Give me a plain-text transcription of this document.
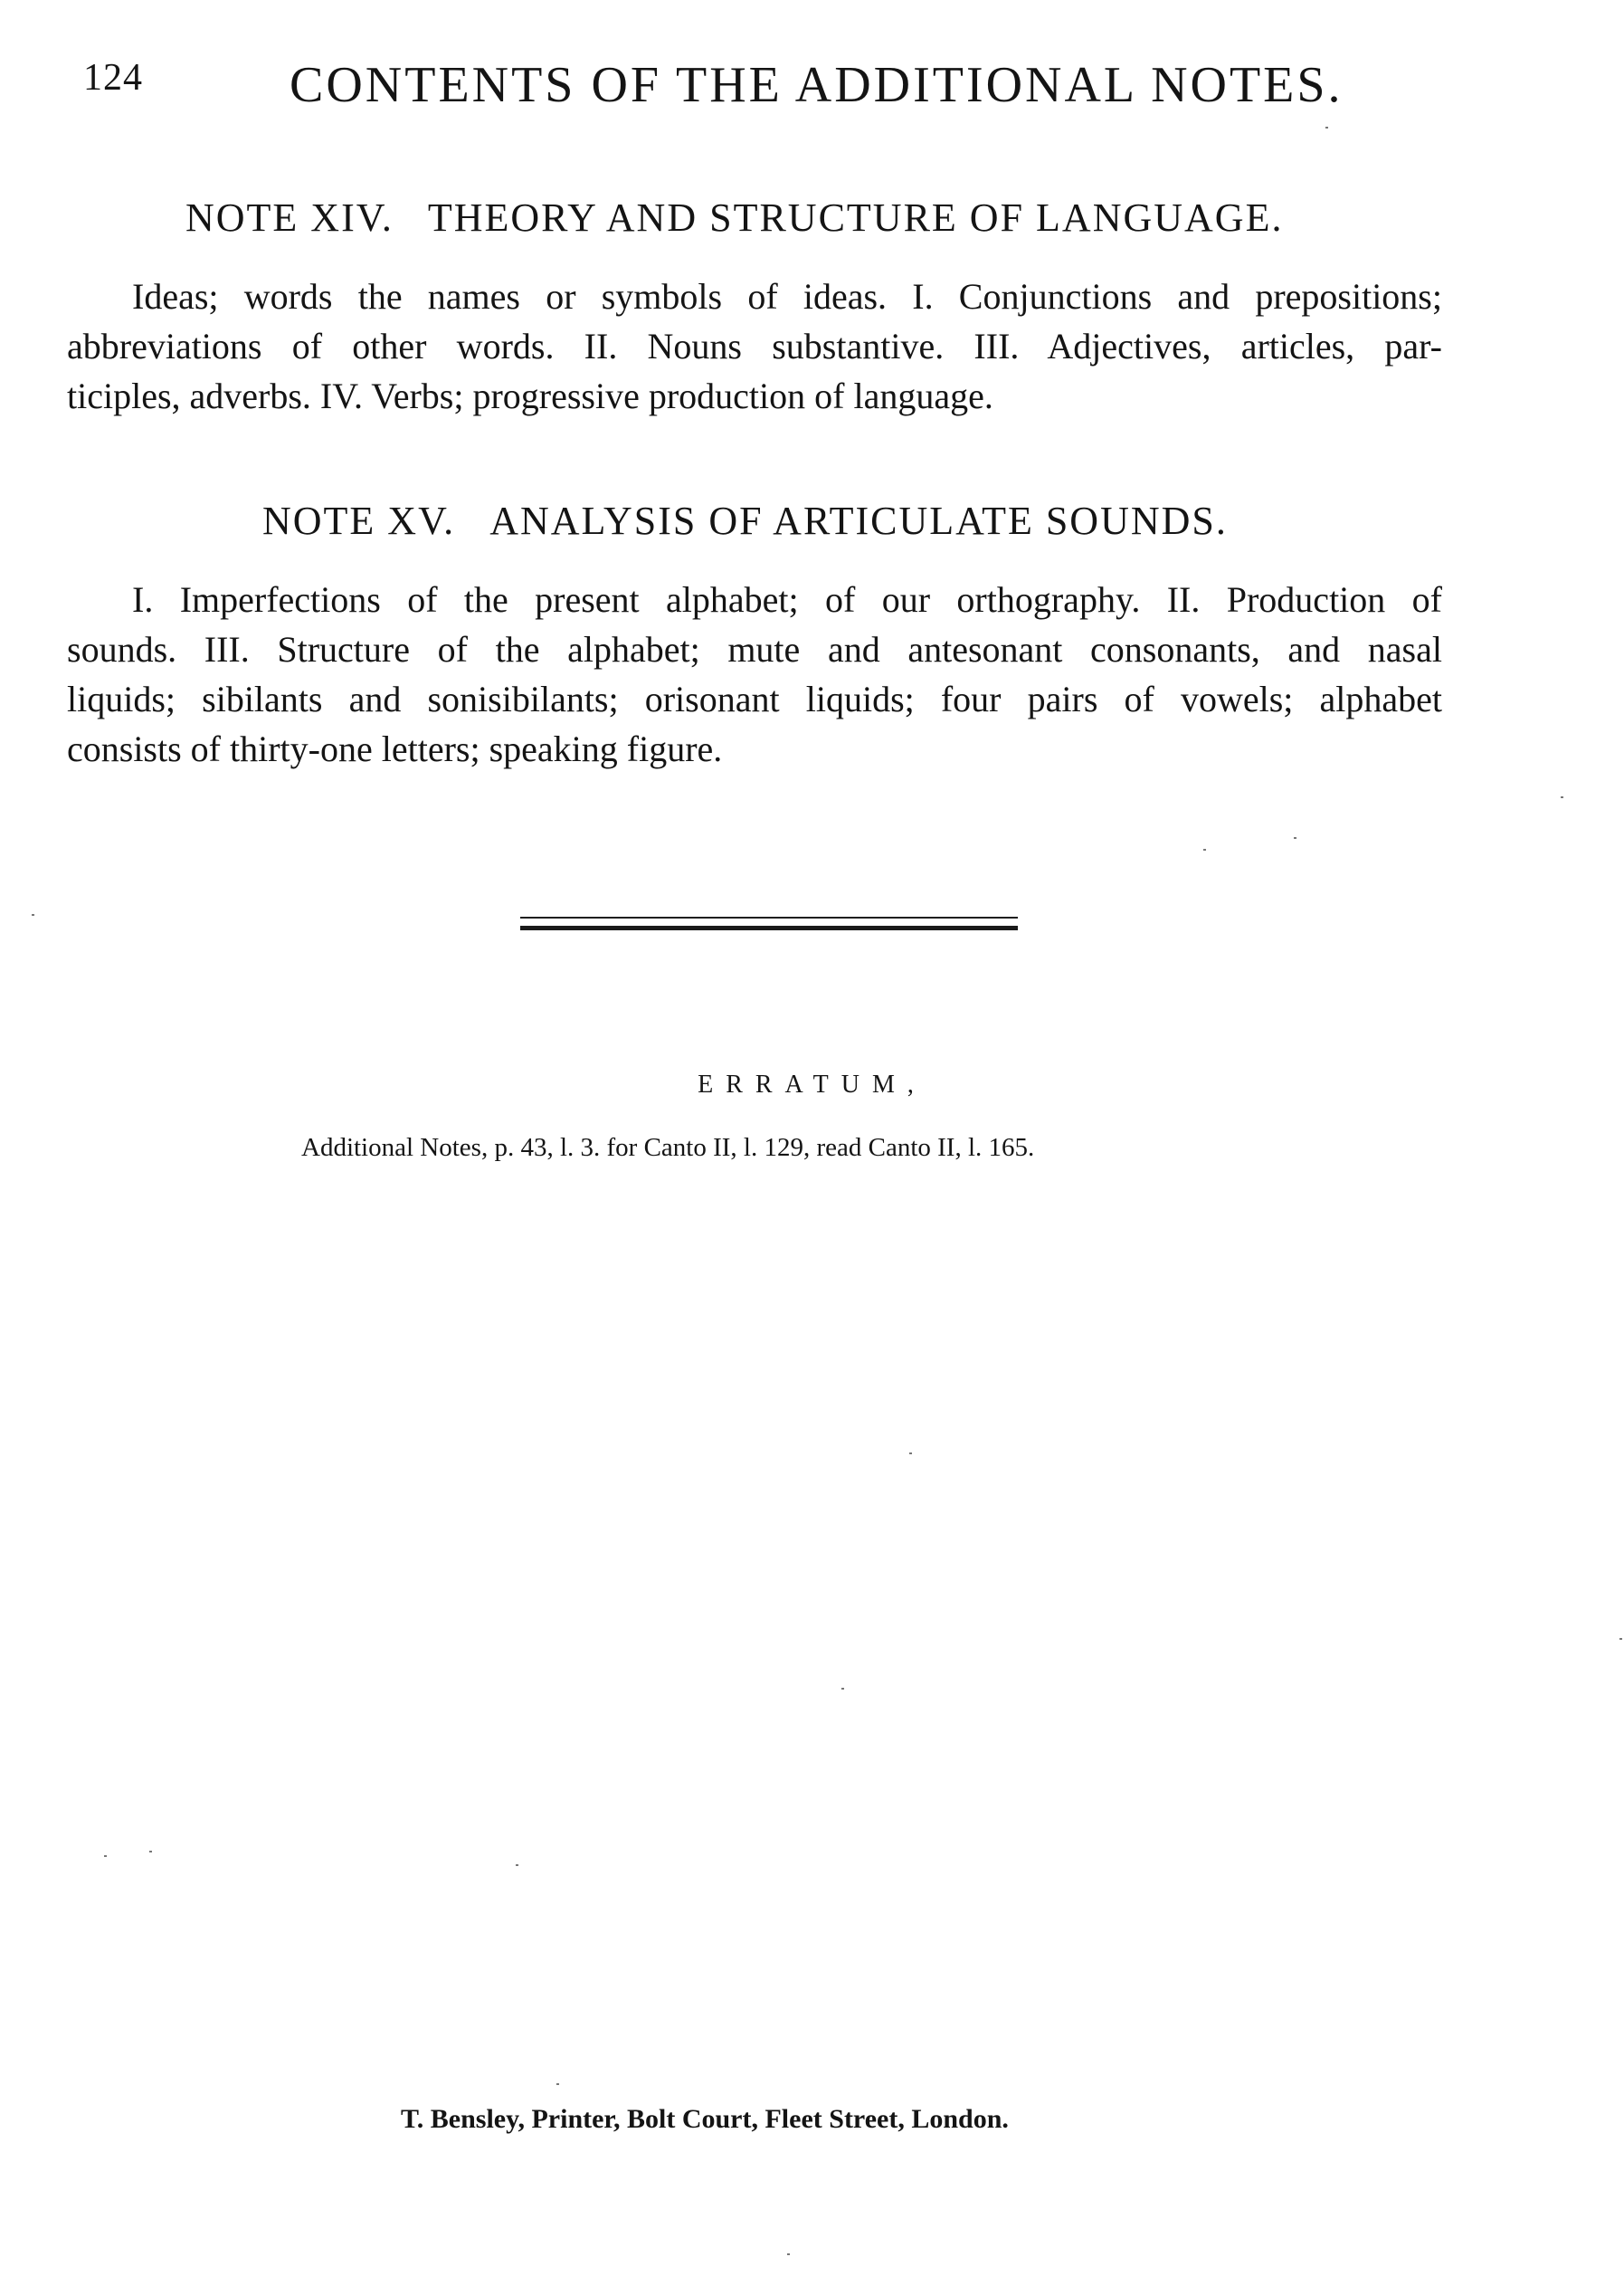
124	CONTENTS OF THE ADDITIONAL NOTES.
NOTE XIV. THEORY AND STRUCTURE OF LANGUAGE.
Ideas; words the names or symbols of ideas. I. Conjunctions and prepositions;
abbreviations of other words. II. Nouns substantive. III. Adjectives, articles, par-
ticiples, adverbs. IV. Verbs; progressive production of language.
NOTE XV. ANALYSIS OF ARTICULATE SOUNDS.
I. Imperfections of the present alphabet; of our orthography. II. Production of
sounds. III. Structure of the alphabet; mute and antesonant consonants, and nasal
liquids; sibilants and sonisibilants; orisonant liquids; four pairs of vowels; alphabet
consists of thirty-one letters; speaking figure.
ERRATUM,
Additional Notes, p. 43, l. 3. for Canto II, l. 129, read Canto II, l. 165.
T. Bensley, Printer, Bolt Court, Fleet Street, London.
